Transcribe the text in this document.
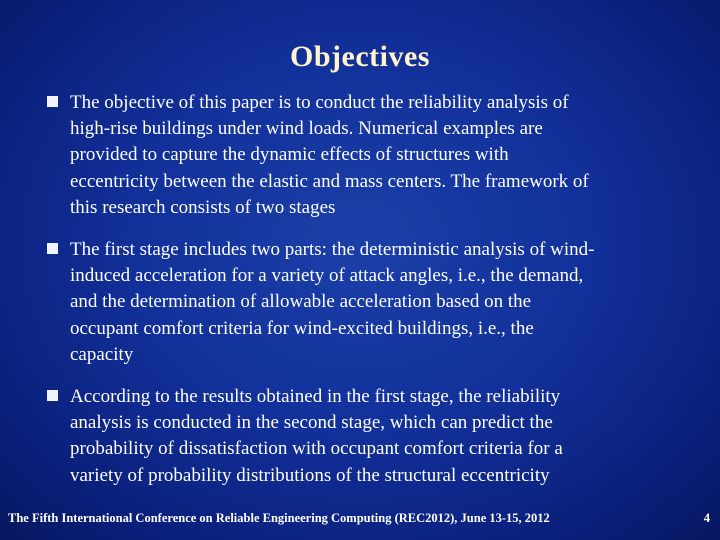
Objectives
The objective of this paper is to conduct the reliability analysis of
high-rise buildings under wind loads. Numerical examples are
provided to capture the dynamic effects of structures with
eccentricity between the elastic and mass centers. The framework of
this research consists of two stages
The first stage includes two parts: the deterministic analysis of wind-
induced acceleration for a variety of attack angles, i.e., the demand,
and the determination of allowable acceleration based on the
occupant comfort criteria for wind-excited buildings, i.e., the
capacity
According to the results obtained in the first stage, the reliability
analysis is conducted in the second stage, which can predict the
probability of dissatisfaction with occupant comfort criteria for a
variety of probability distributions of the structural eccentricity
The Fifth International Conference on Reliable Engineering Computing (REC2012), June 13-15, 2012	4
